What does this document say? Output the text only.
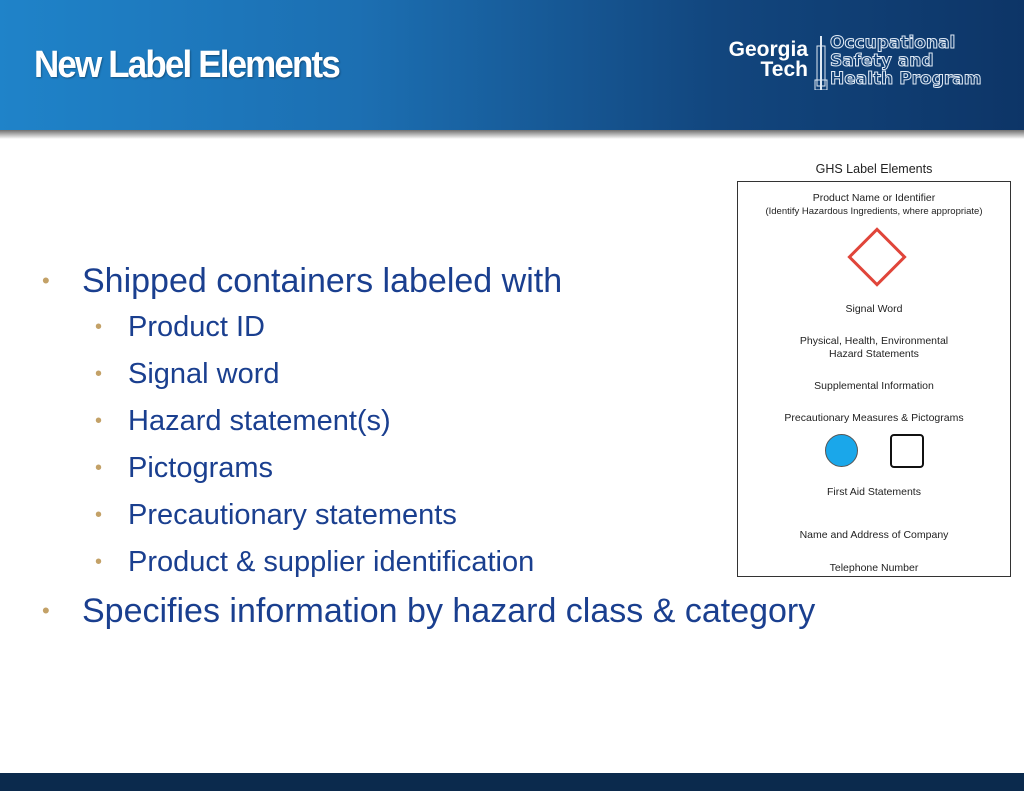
New Label Elements	Georgia
Tech
Occupational
Safety and
Health Program
• Shipped containers labeled with
• Product ID
• Signal word
• Hazard statement(s)
• Pictograms
• Precautionary statements
• Product & supplier identification
• Specifies information by hazard class & category
GHS Label Elements
Product Name or Identifier
(Identify Hazardous Ingredients, where appropriate)
Signal Word
Physical, Health, Environmental
Hazard Statements
Supplemental Information
Precautionary Measures & Pictograms
First Aid Statements
Name and Address of Company
Telephone Number
